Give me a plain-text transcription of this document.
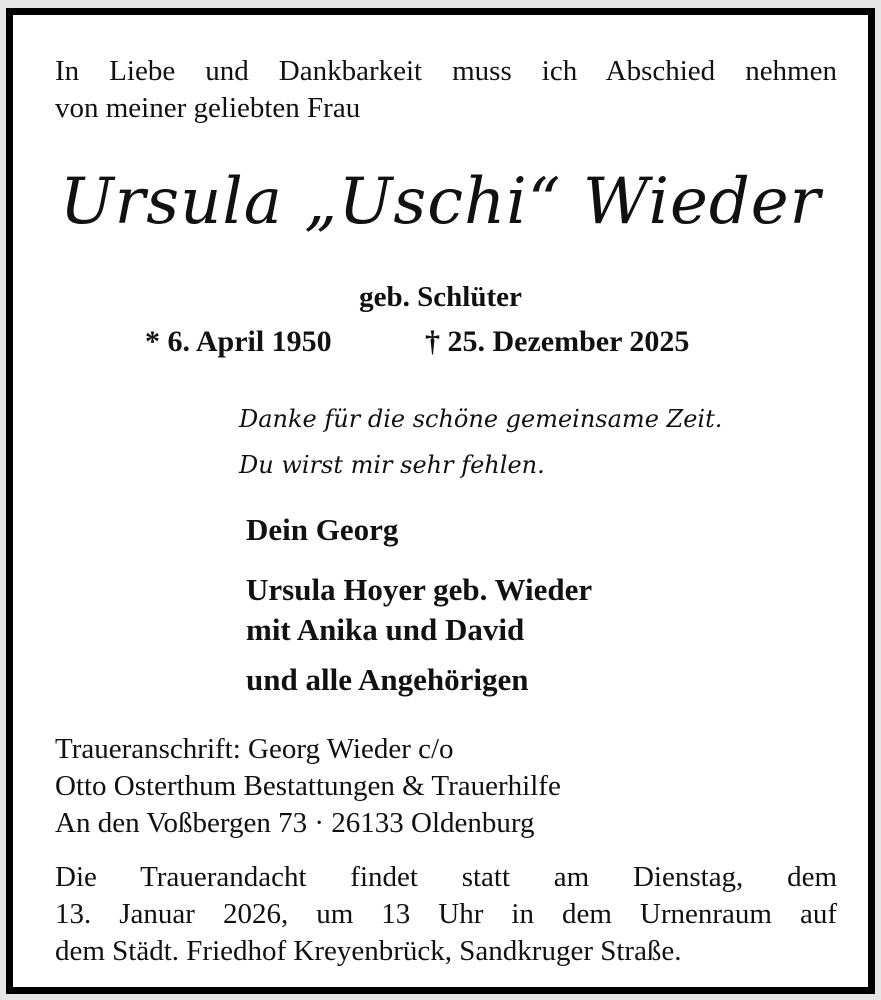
In Liebe und Dankbarkeit muss ich Abschied nehmen
von meiner geliebten Frau
Ursula „Uschi“ Wieder
geb. Schlüter
* 6. April 1950	† 25. Dezember 2025
Danke für die schöne gemeinsame Zeit.
Du wirst mir sehr fehlen.
Dein Georg
Ursula Hoyer geb. Wieder
mit Anika und David
und alle Angehörigen
Traueranschrift: Georg Wieder c/o
Otto Osterthum Bestattungen & Trauerhilfe
An den Voßbergen 73 · 26133 Oldenburg
Die Trauerandacht findet statt am Dienstag, dem
13. Januar 2026, um 13 Uhr in dem Urnenraum auf
dem Städt. Friedhof Kreyenbrück, Sandkruger Straße.
